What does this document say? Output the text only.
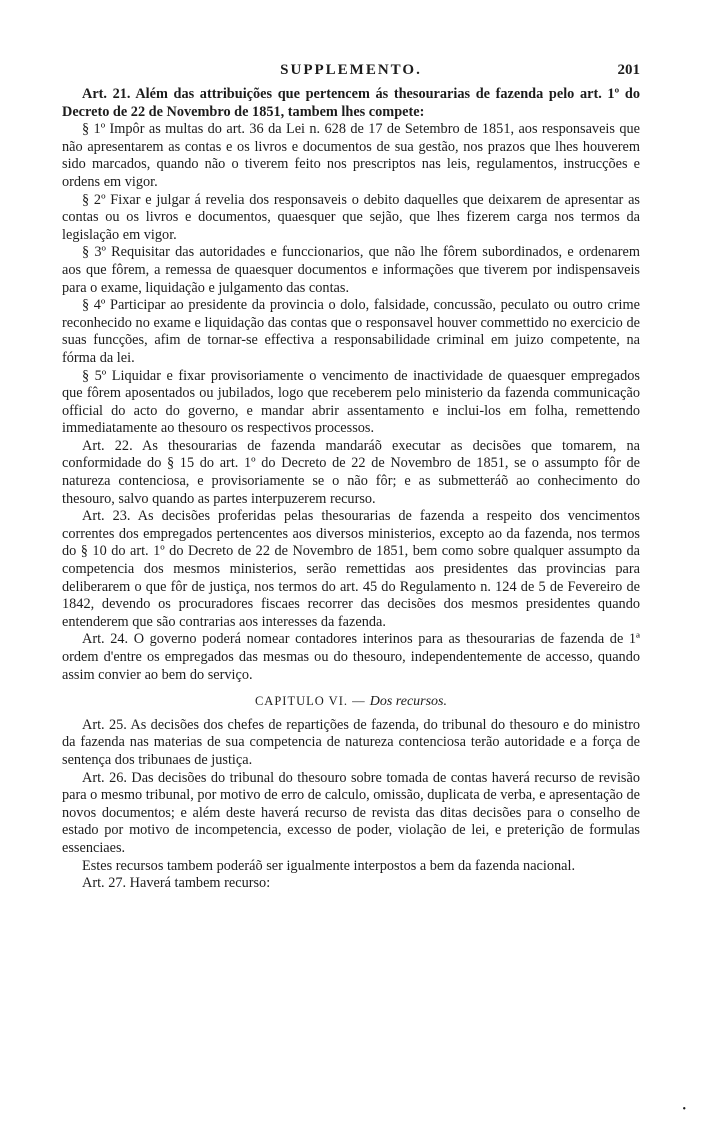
SUPPLEMENTO.	201

Art. 21. Além das attribuições que pertencem ás thesourarias de fazenda pelo art. 1º do Decreto de 22 de Novembro de 1851, tambem lhes compete:

§ 1º Impôr as multas do art. 36 da Lei n. 628 de 17 de Setembro de 1851, aos responsaveis que não apresentarem as contas e os livros e documentos de sua gestão, nos prazos que lhes houverem sido marcados, quando não o tiverem feito nos prescriptos nas leis, regulamentos, instrucções e ordens em vigor.

§ 2º Fixar e julgar á revelia dos responsaveis o debito daquelles que deixarem de apresentar as contas ou os livros e documentos, quaesquer que sejão, que lhes fizerem carga nos termos da legislação em vigor.

§ 3º Requisitar das autoridades e funccionarios, que não lhe fôrem subordinados, e ordenarem aos que fôrem, a remessa de quaesquer documentos e informações que tiverem por indispensaveis para o exame, liquidação e julgamento das contas.

§ 4º Participar ao presidente da provincia o dolo, falsidade, concussão, peculato ou outro crime reconhecido no exame e liquidação das contas que o responsavel houver commettido no exercicio de suas funcções, afim de tornar-se effectiva a responsabilidade criminal em juizo competente, na fórma da lei.

§ 5º Liquidar e fixar provisoriamente o vencimento de inactividade de quaesquer empregados que fôrem aposentados ou jubilados, logo que receberem pelo ministerio da fazenda communicação official do acto do governo, e mandar abrir assentamento e inclui-los em folha, remettendo immediatamente ao thesouro os respectivos processos.

Art. 22. As thesourarias de fazenda mandaráõ executar as decisões que tomarem, na conformidade do § 15 do art. 1º do Decreto de 22 de Novembro de 1851, se o assumpto fôr de natureza contenciosa, e provisoriamente se o não fôr; e as submetteráõ ao conhecimento do thesouro, salvo quando as partes interpuzerem recurso.

Art. 23. As decisões proferidas pelas thesourarias de fazenda a respeito dos vencimentos correntes dos empregados pertencentes aos diversos ministerios, excepto ao da fazenda, nos termos do § 10 do art. 1º do Decreto de 22 de Novembro de 1851, bem como sobre qualquer assumpto da competencia dos mesmos ministerios, serão remettidas aos presidentes das provincias para deliberarem o que fôr de justiça, nos termos do art. 45 do Regulamento n. 124 de 5 de Fevereiro de 1842, devendo os procuradores fiscaes recorrer das decisões dos mesmos presidentes quando entenderem que são contrarias aos interesses da fazenda.

Art. 24. O governo poderá nomear contadores interinos para as thesourarias de fazenda de 1ª ordem d'entre os empregados das mesmas ou do thesouro, independentemente de accesso, quando assim convier ao bem do serviço.

CAPITULO VI. — Dos recursos.

Art. 25. As decisões dos chefes de repartições de fazenda, do tribunal do thesouro e do ministro da fazenda nas materias de sua competencia de natureza contenciosa terão autoridade e a força de sentença dos tribunaes de justiça.

Art. 26. Das decisões do tribunal do thesouro sobre tomada de contas haverá recurso de revisão para o mesmo tribunal, por motivo de erro de calculo, omissão, duplicata de verba, e apresentação de novos documentos; e além deste haverá recurso de revista das ditas decisões para o conselho de estado por motivo de incompetencia, excesso de poder, violação de lei, e preterição de formulas essenciaes.

Estes recursos tambem poderáõ ser igualmente interpostos a bem da fazenda nacional.

Art. 27. Haverá tambem recurso:

•
